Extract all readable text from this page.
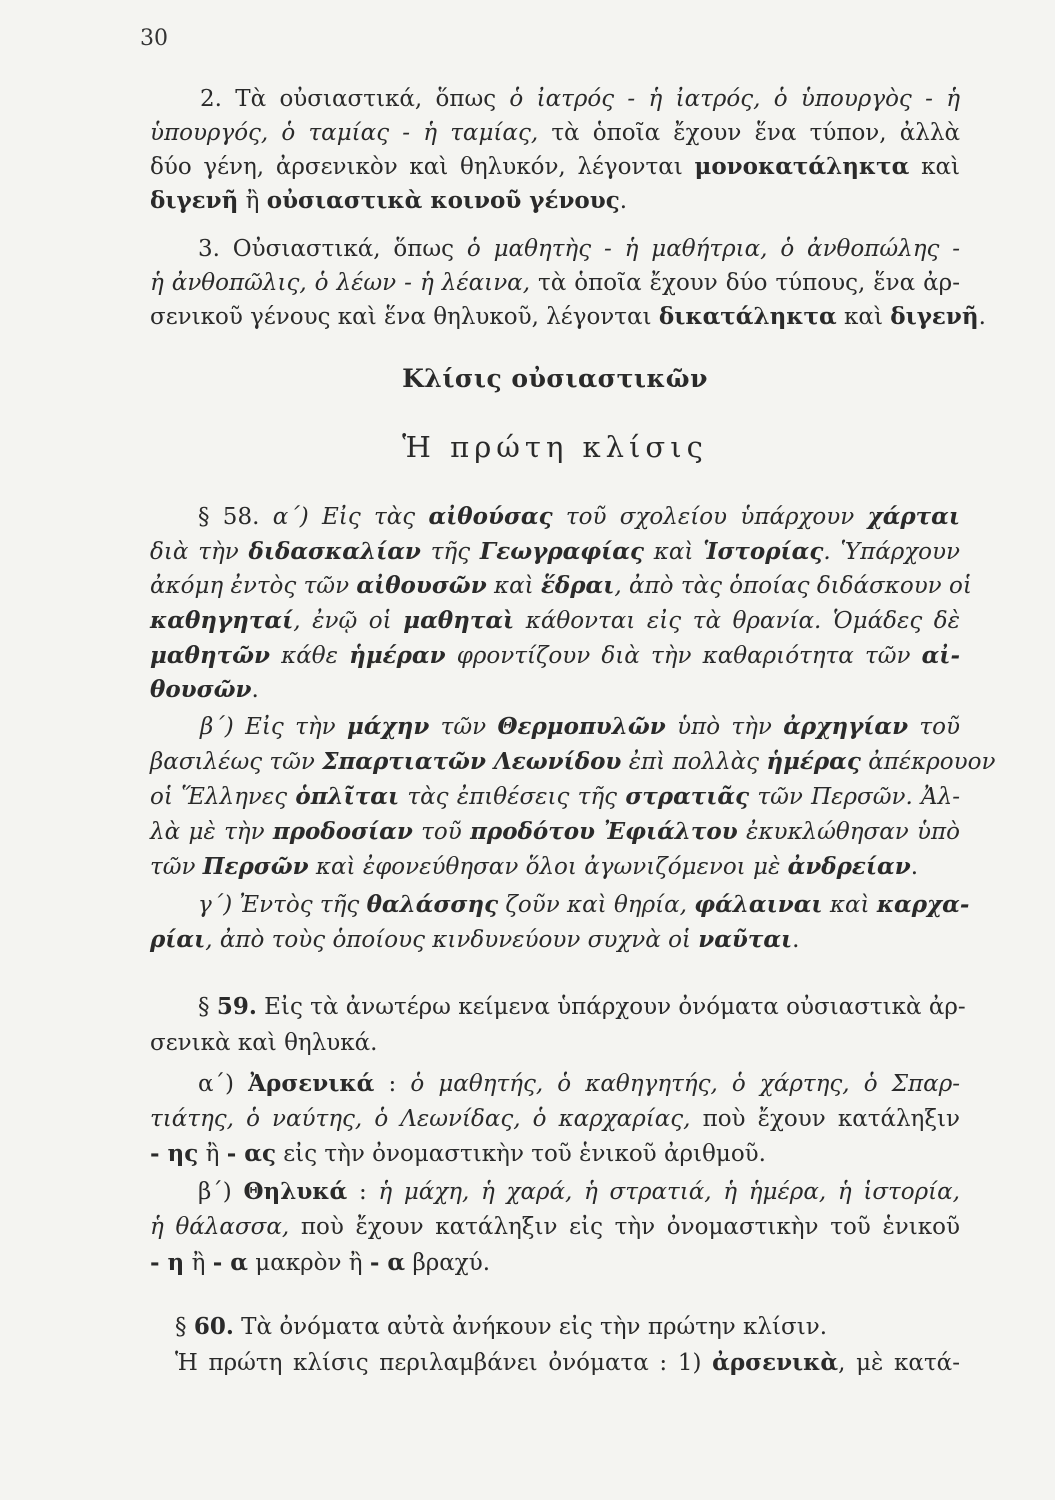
30
2. Τὰ οὐσιαστικά, ὅπως ὁ ἰατρός - ἡ ἰατρός, ὁ ὑπουργὸς - ἡ
ὑπουργός, ὁ ταμίας - ἡ ταμίας, τὰ ὁποῖα ἔχουν ἕνα τύπον, ἀλλὰ
δύο γένη, ἀρσενικὸν καὶ θηλυκόν, λέγονται μονοκατάληκτα καὶ
διγενῆ ἢ οὐσιαστικὰ κοινοῦ γένους.
3. Οὐσιαστικά, ὅπως ὁ μαθητὴς - ἡ μαθήτρια, ὁ ἀνθοπώλης -
ἡ ἀνθοπῶλις, ὁ λέων - ἡ λέαινα, τὰ ὁποῖα ἔχουν δύο τύπους, ἕνα ἀρ-
σενικοῦ γένους καὶ ἕνα θηλυκοῦ, λέγονται δικατάληκτα καὶ διγενῆ.
Κλίσις οὐσιαστικῶν
Ἡ πρώτη κλίσις
§ 58. α΄) Εἰς τὰς αἰθούσας τοῦ σχολείου ὑπάρχουν χάρται
διὰ τὴν διδασκαλίαν τῆς Γεωγραφίας καὶ Ἱστορίας. Ὑπάρχουν
ἀκόμη ἐντὸς τῶν αἰθουσῶν καὶ ἕδραι, ἀπὸ τὰς ὁποίας διδάσκουν οἱ
καθηγηταί, ἐνῷ οἱ μαθηταὶ κάθονται εἰς τὰ θρανία. Ὁμάδες δὲ
μαθητῶν κάθε ἡμέραν φροντίζουν διὰ τὴν καθαριότητα τῶν αἰ-
θουσῶν.
β΄) Εἰς τὴν μάχην τῶν Θερμοπυλῶν ὑπὸ τὴν ἀρχηγίαν τοῦ
βασιλέως τῶν Σπαρτιατῶν Λεωνίδου ἐπὶ πολλὰς ἡμέρας ἀπέκρουον
οἱ Ἕλληνες ὁπλῖται τὰς ἐπιθέσεις τῆς στρατιᾶς τῶν Περσῶν. Ἀλ-
λὰ μὲ τὴν προδοσίαν τοῦ προδότου Ἐφιάλτου ἐκυκλώθησαν ὑπὸ
τῶν Περσῶν καὶ ἐφονεύθησαν ὅλοι ἀγωνιζόμενοι μὲ ἀνδρείαν.
γ΄) Ἐντὸς τῆς θαλάσσης ζοῦν καὶ θηρία, φάλαιναι καὶ καρχα-
ρίαι, ἀπὸ τοὺς ὁποίους κινδυνεύουν συχνὰ οἱ ναῦται.
§ 59. Εἰς τὰ ἀνωτέρω κείμενα ὑπάρχουν ὀνόματα οὐσιαστικὰ ἀρ-
σενικὰ καὶ θηλυκά.
α΄) Ἀρσενικά : ὁ μαθητής, ὁ καθηγητής, ὁ χάρτης, ὁ Σπαρ-
τιάτης, ὁ ναύτης, ὁ Λεωνίδας, ὁ καρχαρίας, ποὺ ἔχουν κατάληξιν
- ης ἢ - ας εἰς τὴν ὀνομαστικὴν τοῦ ἑνικοῦ ἀριθμοῦ.
β΄) Θηλυκά : ἡ μάχη, ἡ χαρά, ἡ στρατιά, ἡ ἡμέρα, ἡ ἱστορία,
ἡ θάλασσα, ποὺ ἔχουν κατάληξιν εἰς τὴν ὀνομαστικὴν τοῦ ἑνικοῦ
- η ἢ - α μακρὸν ἢ - α βραχύ.
§ 60. Τὰ ὀνόματα αὐτὰ ἀνήκουν εἰς τὴν πρώτην κλίσιν.
Ἡ πρώτη κλίσις περιλαμβάνει ὀνόματα : 1) ἀρσενικὰ, μὲ κατά-
